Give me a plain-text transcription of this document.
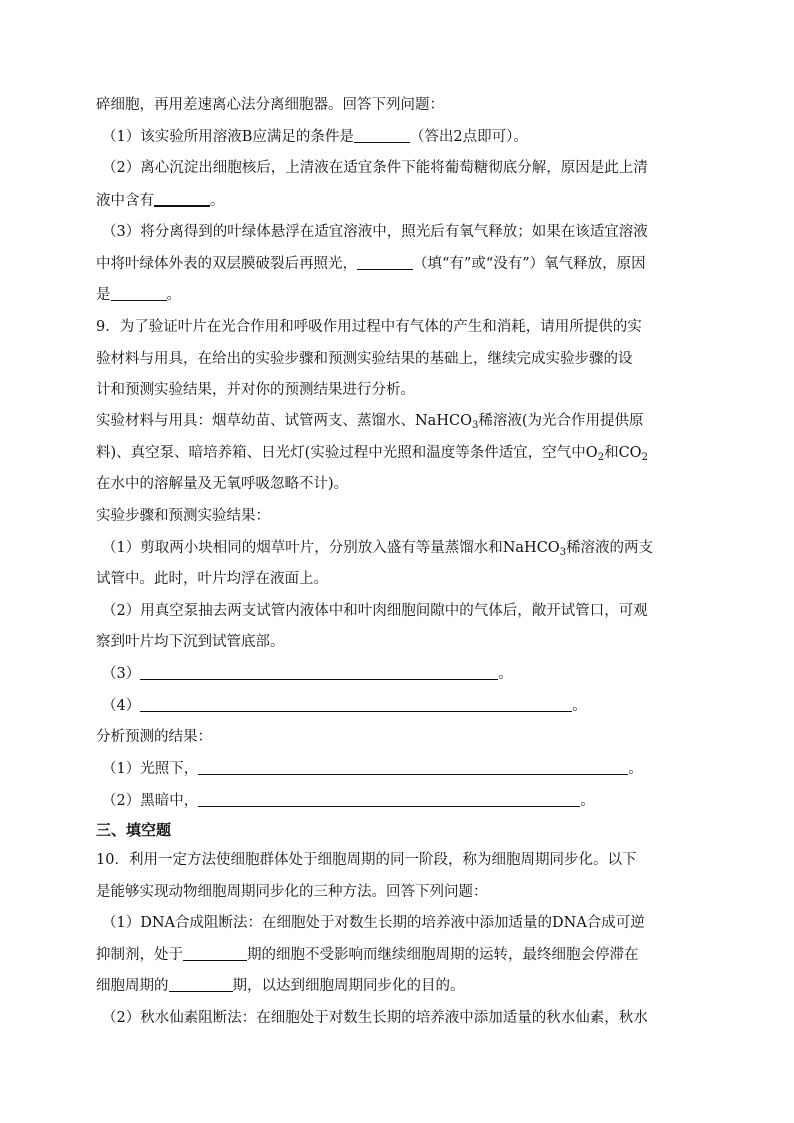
碎细胞，再用差速离心法分离细胞器。回答下列问题：
（1）该实验所用溶液B应满足的条件是	（答出2点即可）。
（2）离心沉淀出细胞核后，上清液在适宜条件下能将葡萄糖彻底分解，原因是此上清
液中含有	。
（3）将分离得到的叶绿体悬浮在适宜溶液中，照光后有氧气释放；如果在该适宜溶液
中将叶绿体外表的双层膜破裂后再照光，	（填“有”或“没有”）氧气释放，原因
是	。
9．为了验证叶片在光合作用和呼吸作用过程中有气体的产生和消耗，请用所提供的实
验材料与用具，在给出的实验步骤和预测实验结果的基础上，继续完成实验步骤的设
计和预测实验结果，并对你的预测结果进行分析。
实验材料与用具：烟草幼苗、试管两支、蒸馏水、NaHCO$_3$稀溶液(为光合作用提供原
料)、真空泵、暗培养箱、日光灯(实验过程中光照和温度等条件适宜，空气中$O_2$和$CO_2$
在水中的溶解量及无氧呼吸忽略不计)。
实验步骤和预测实验结果：
（1）剪取两小块相同的烟草叶片，分别放入盛有等量蒸馏水和NaHCO$_3$稀溶液的两支
试管中。此时，叶片均浮在液面上。
（2）用真空泵抽去两支试管内液体中和叶肉细胞间隙中的气体后，敞开试管口，可观
察到叶片均下沉到试管底部。
（3）	。
（4）	。
分析预测的结果：
（1）光照下，	。
（2）黑暗中，	。
三、填空题
10．利用一定方法使细胞群体处于细胞周期的同一阶段，称为细胞周期同步化。以下
是能够实现动物细胞周期同步化的三种方法。回答下列问题：
（1）DNA合成阻断法：在细胞处于对数生长期的培养液中添加适量的DNA合成可逆
抑制剂，处于	期的细胞不受影响而继续细胞周期的运转，最终细胞会停滞在
细胞周期的	期，以达到细胞周期同步化的目的。
（2）秋水仙素阻断法：在细胞处于对数生长期的培养液中添加适量的秋水仙素，秋水
